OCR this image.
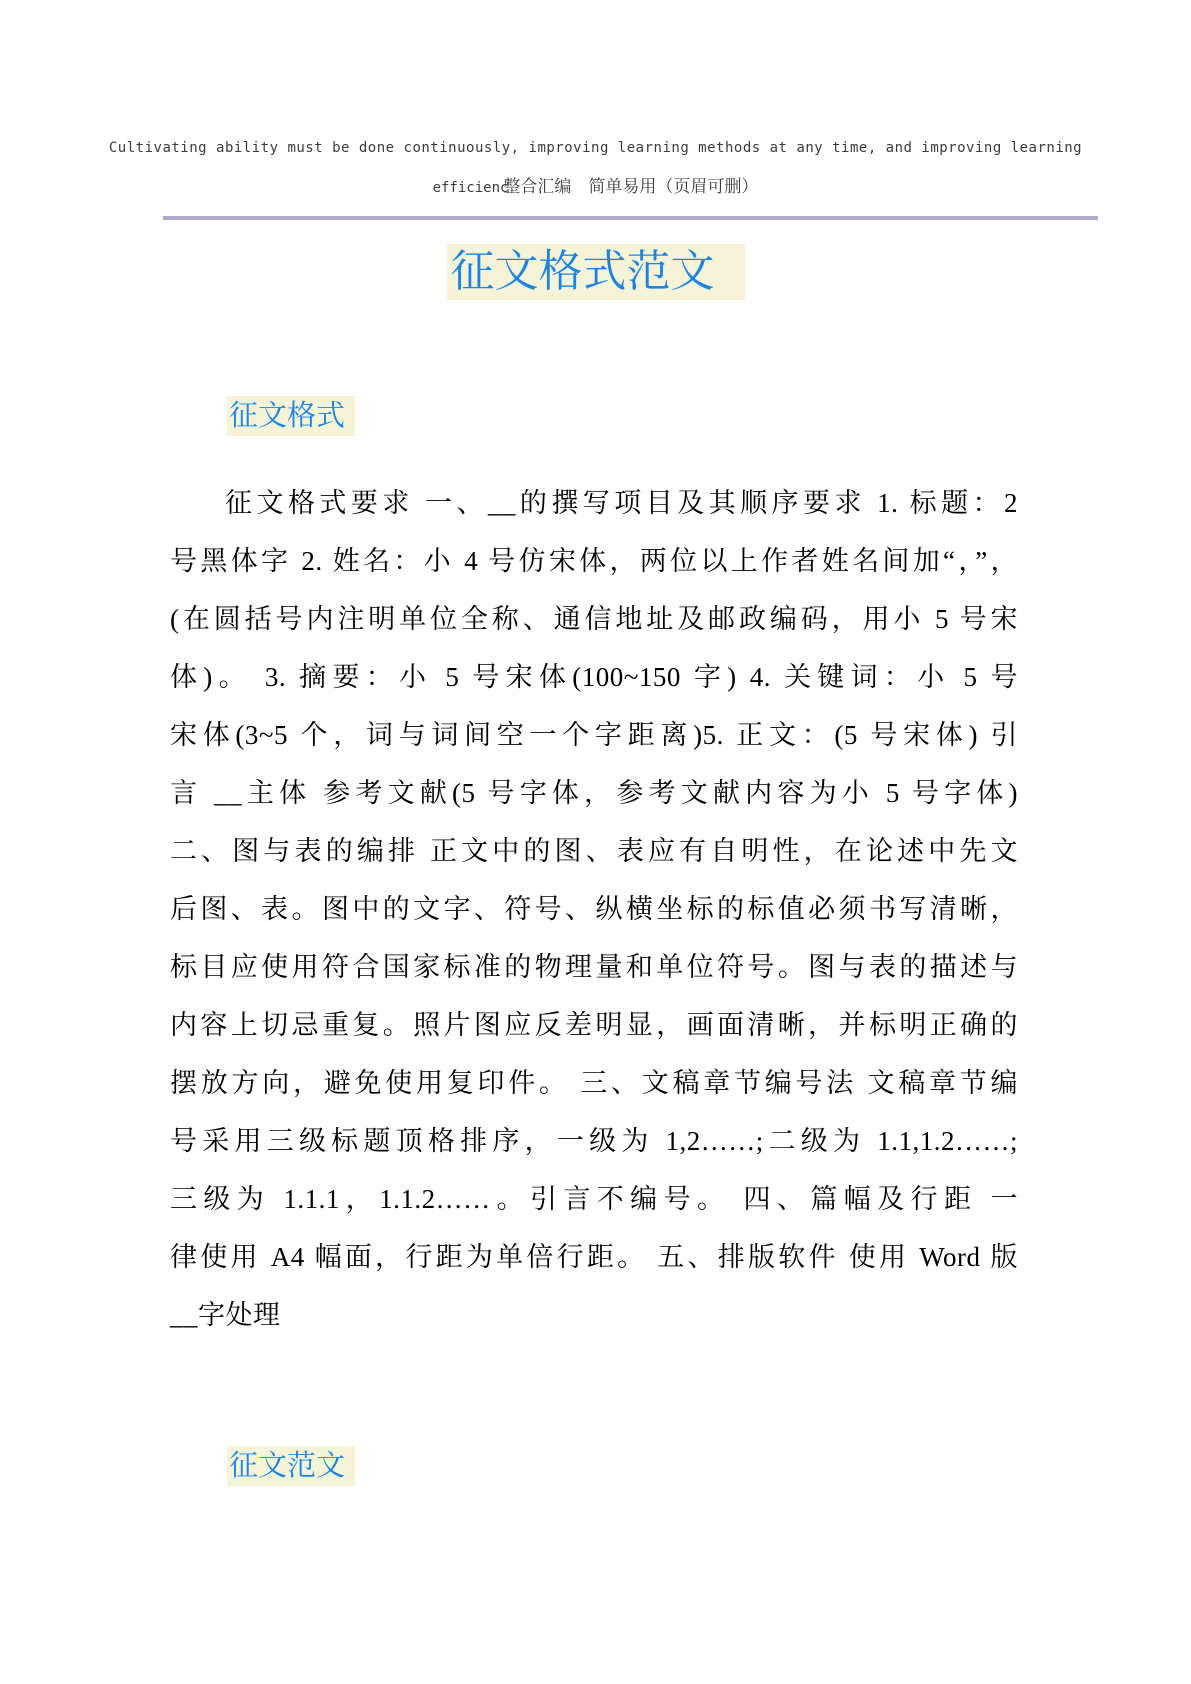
Cultivating ability must be done continuously, improving learning methods at any time, and improving learning
efficienc整合汇编　简单易用（页眉可删）
征文格式范文
征文格式
征文格式要求 一、__的撰写项目及其顺序要求 1. 标题：2
号黑体字 2. 姓名：小 4 号仿宋体，两位以上作者姓名间加“，”，
(在圆括号内注明单位全称、通信地址及邮政编码，用小 5 号宋
体)。 3. 摘要：小 5 号宋体(100~150 字) 4. 关键词：小 5 号
宋体(3~5 个，词与词间空一个字距离)5. 正文：(5 号宋体) 引
言 __主体 参考文献(5 号字体，参考文献内容为小 5 号字体)
二、图与表的编排 正文中的图、表应有自明性，在论述中先文
后图、表。图中的文字、符号、纵横坐标的标值必须书写清晰，
标目应使用符合国家标准的物理量和单位符号。图与表的描述与
内容上切忌重复。照片图应反差明显，画面清晰，并标明正确的
摆放方向，避免使用复印件。 三、文稿章节编号法 文稿章节编
号采用三级标题顶格排序，一级为 1,2……;二级为 1.1,1.2……;
三级为 1.1.1，1.1.2……。引言不编号。 四、篇幅及行距 一
律使用 A4 幅面，行距为单倍行距。 五、排版软件 使用 Word 版
__字处理
征文范文
